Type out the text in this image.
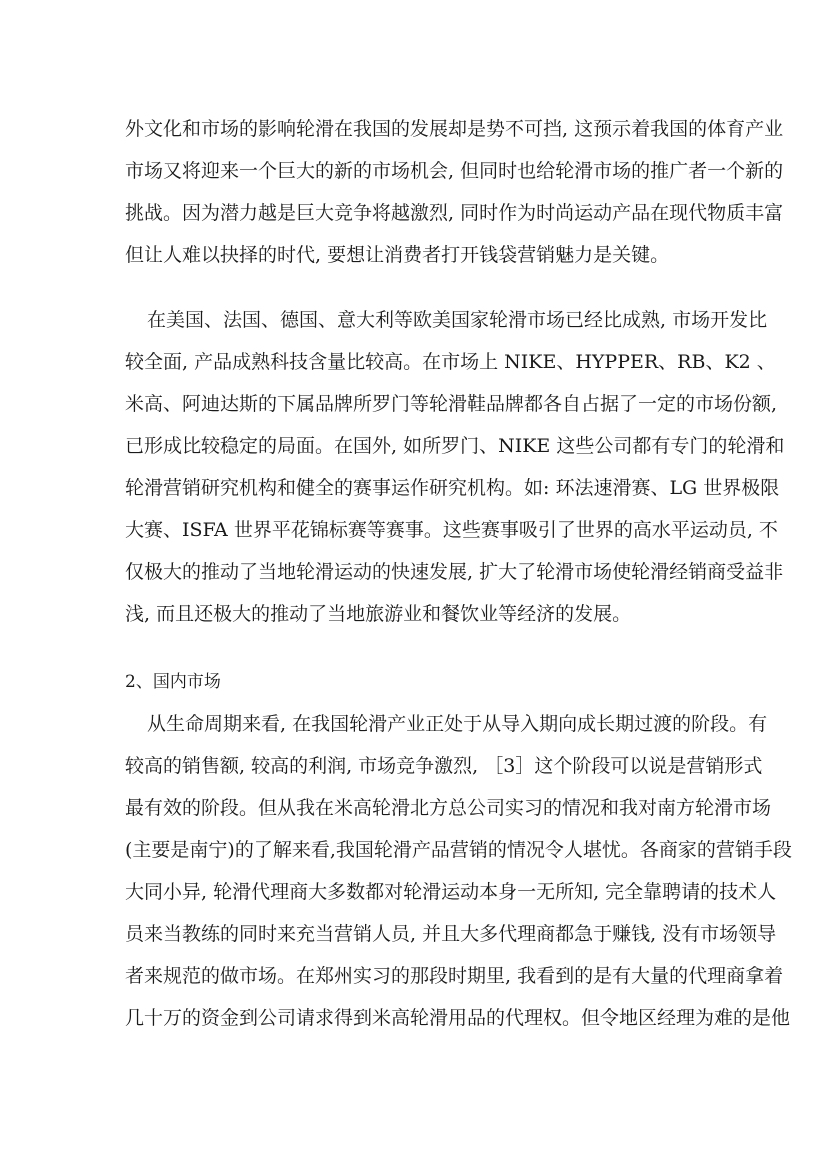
外文化和市场的影响轮滑在我国的发展却是势不可挡, 这预示着我国的体育产业
市场又将迎来一个巨大的新的市场机会, 但同时也给轮滑市场的推广者一个新的
挑战。因为潜力越是巨大竞争将越激烈, 同时作为时尚运动产品在现代物质丰富
但让人难以抉择的时代, 要想让消费者打开钱袋营销魅力是关键。
在美国、法国、德国、意大利等欧美国家轮滑市场已经比成熟, 市场开发比
较全面, 产品成熟科技含量比较高。在市场上 NIKE、HYPPER、RB、K2 、
米高、阿迪达斯的下属品牌所罗门等轮滑鞋品牌都各自占据了一定的市场份额,
已形成比较稳定的局面。在国外, 如所罗门、NIKE 这些公司都有专门的轮滑和
轮滑营销研究机构和健全的赛事运作研究机构。如: 环法速滑赛、LG 世界极限
大赛、ISFA 世界平花锦标赛等赛事。这些赛事吸引了世界的高水平运动员, 不
仅极大的推动了当地轮滑运动的快速发展, 扩大了轮滑市场使轮滑经销商受益非
浅, 而且还极大的推动了当地旅游业和餐饮业等经济的发展。
2、国内市场
从生命周期来看, 在我国轮滑产业正处于从导入期向成长期过渡的阶段。有
较高的销售额, 较高的利润, 市场竞争激烈, ［3］这个阶段可以说是营销形式
最有效的阶段。但从我在米高轮滑北方总公司实习的情况和我对南方轮滑市场
(主要是南宁)的了解来看,我国轮滑产品营销的情况令人堪忧。各商家的营销手段
大同小异, 轮滑代理商大多数都对轮滑运动本身一无所知, 完全靠聘请的技术人
员来当教练的同时来充当营销人员, 并且大多代理商都急于赚钱, 没有市场领导
者来规范的做市场。在郑州实习的那段时期里, 我看到的是有大量的代理商拿着
几十万的资金到公司请求得到米高轮滑用品的代理权。但令地区经理为难的是他
